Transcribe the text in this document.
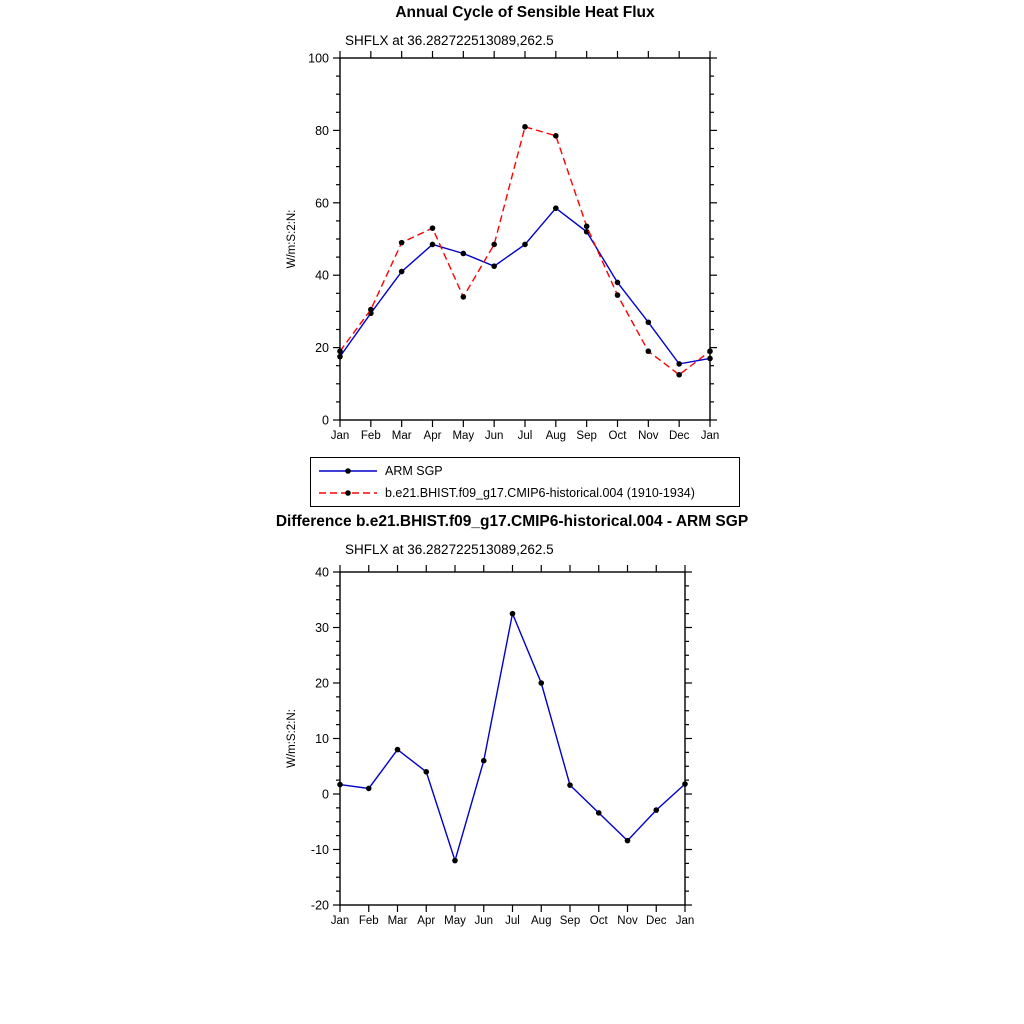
Annual Cycle of Sensible Heat Flux
SHFLX at 36.282722513089,262.5
0
20
40
60
80
100
Jan Feb Mar Apr May Jun Jul Aug Sep Oct Nov Dec Jan
W/m:S:2:N:
ARM SGP
b.e21.BHIST.f09_g17.CMIP6-historical.004 (1910-1934)
Difference b.e21.BHIST.f09_g17.CMIP6-historical.004 - ARM SGP
SHFLX at 36.282722513089,262.5
-20
-10
0
10
20
30
40
Jan Feb Mar Apr May Jun Jul Aug Sep Oct Nov Dec Jan
W/m:S:2:N:
